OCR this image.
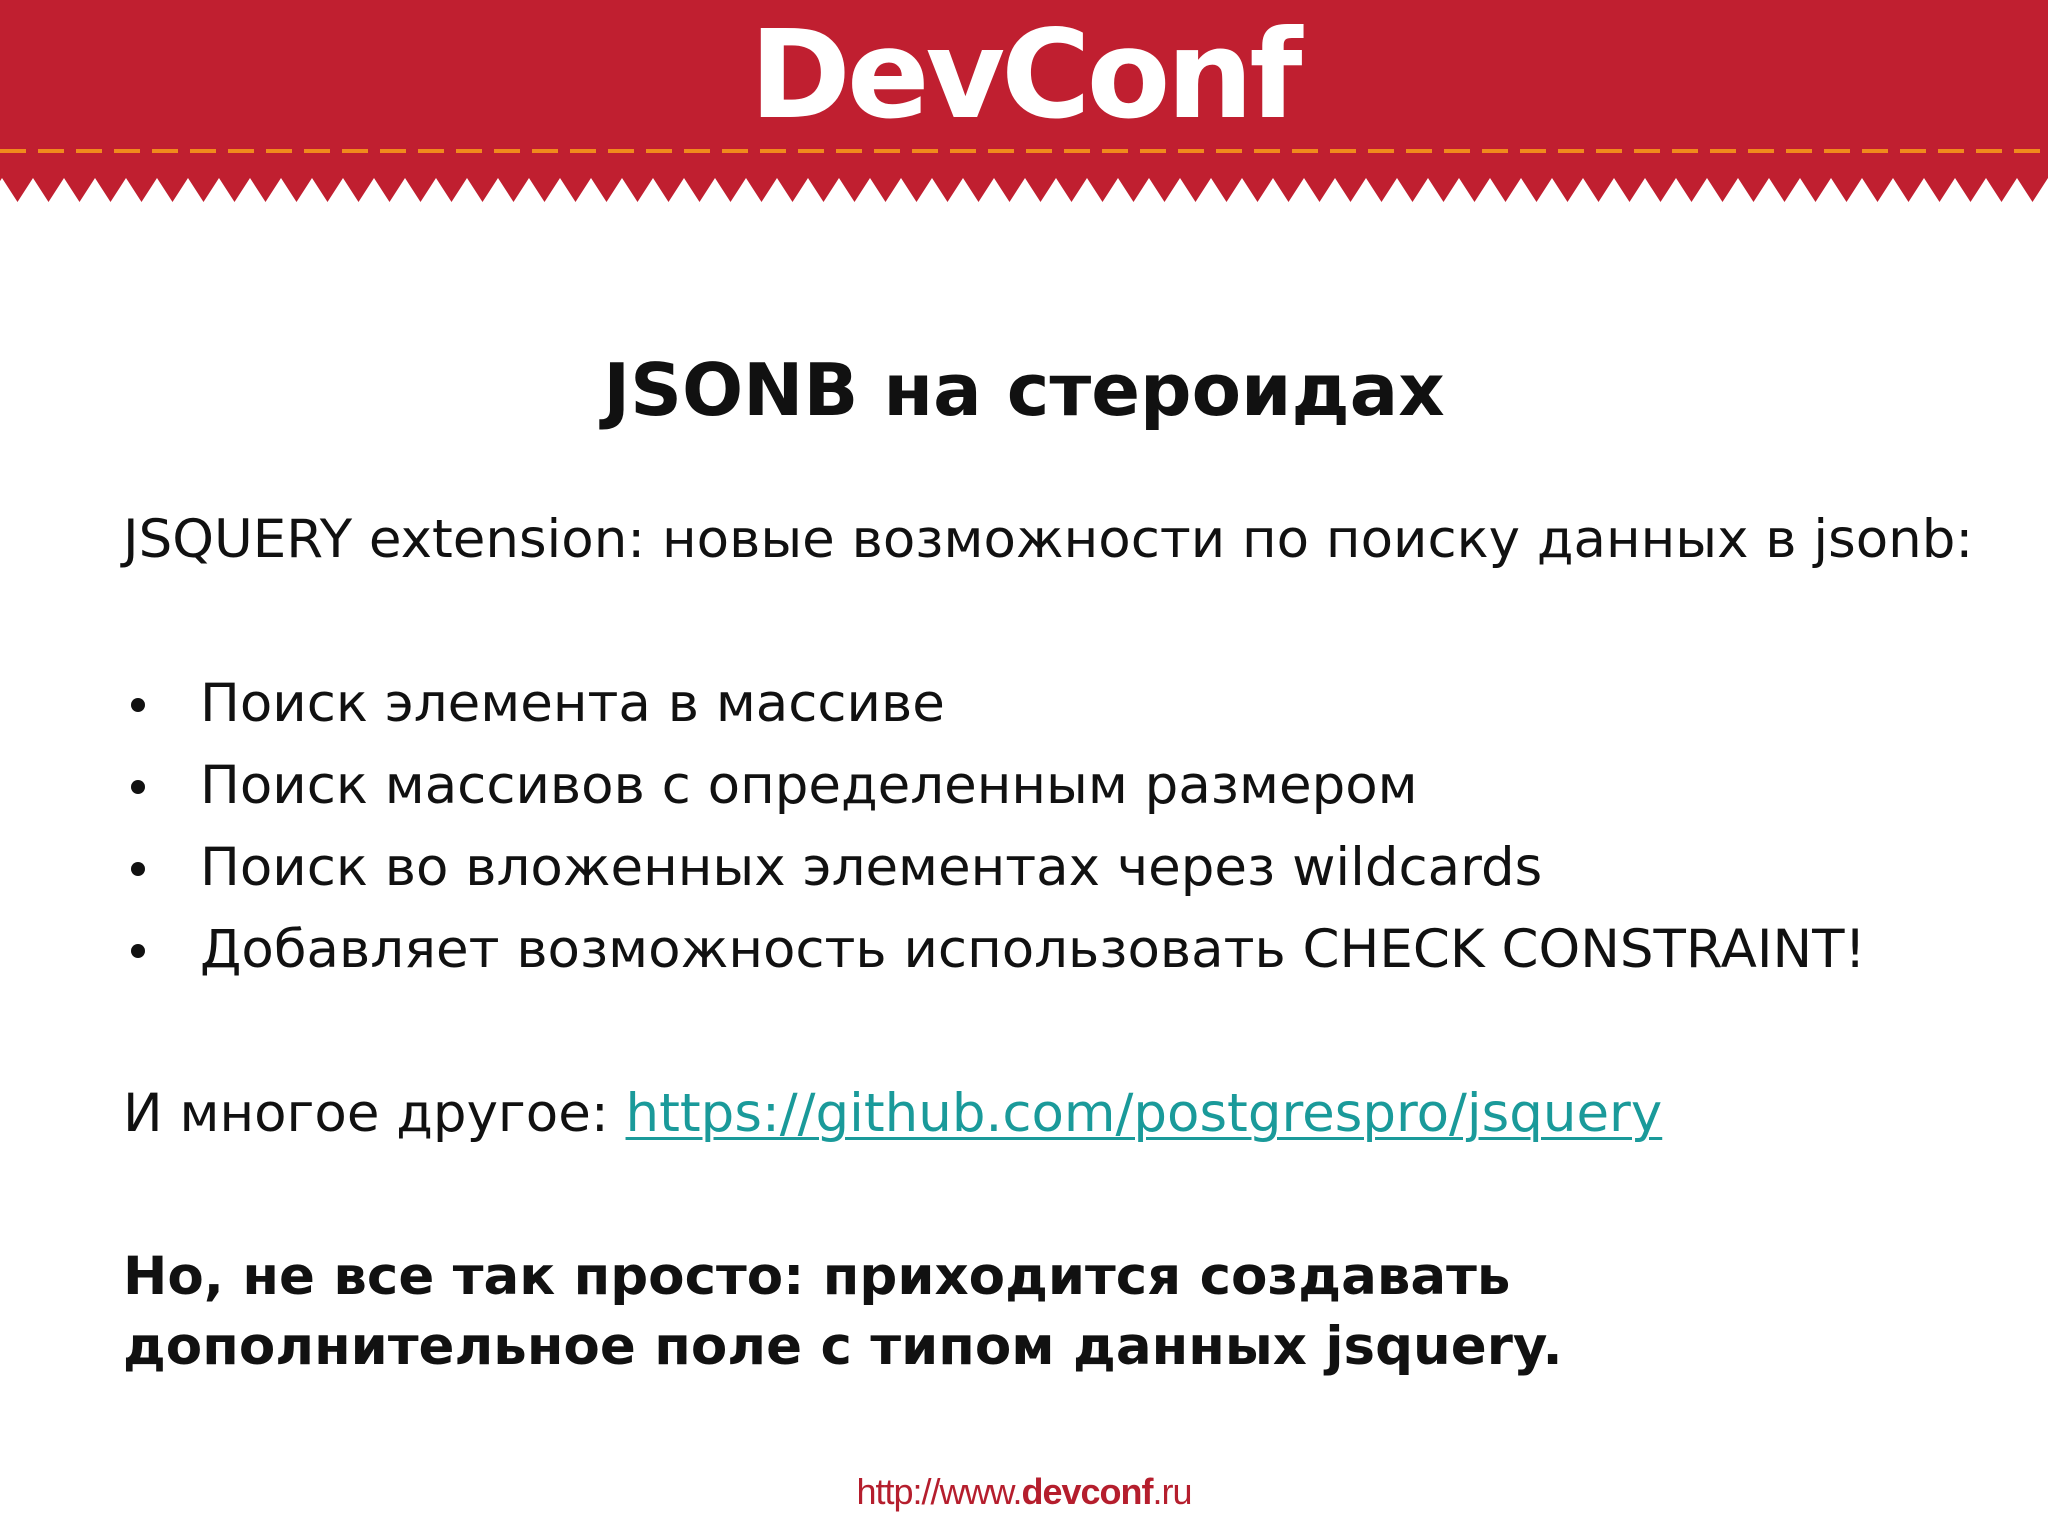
DevConf
JSONB на стероидах
JSQUERY extension: новые возможности по поиску данных в jsonb:
Поиск элемента в массиве
Поиск массивов с определенным размером
Поиск во вложенных элементах через wildcards
Добавляет возможность использовать CHECK CONSTRAINT!
И многое другое: https://github.com/postgrespro/jsquery
Но, не все так просто: приходится создавать дополнительное поле с типом данных jsquery.
http://www.devconf.ru
